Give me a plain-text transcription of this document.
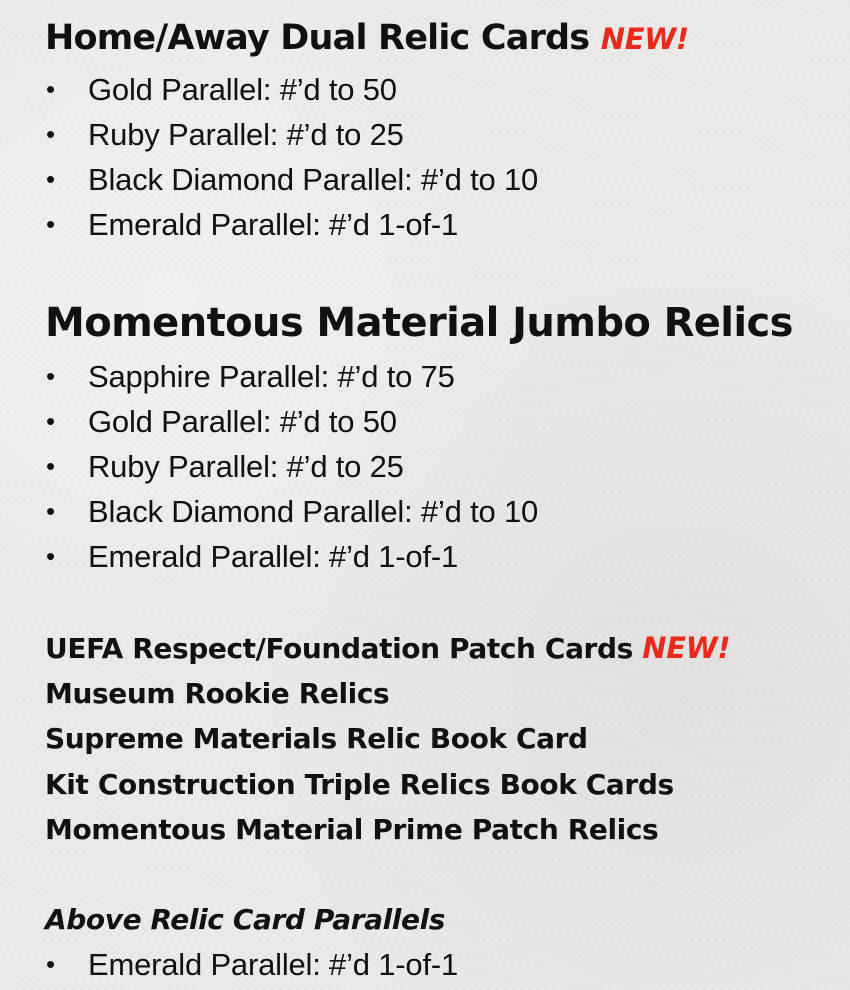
Home/Away Dual Relic Cards NEW!
• Gold Parallel: #’d to 50
• Ruby Parallel: #’d to 25
• Black Diamond Parallel: #’d to 10
• Emerald Parallel: #’d 1-of-1
Momentous Material Jumbo Relics
• Sapphire Parallel: #’d to 75
• Gold Parallel: #’d to 50
• Ruby Parallel: #’d to 25
• Black Diamond Parallel: #’d to 10
• Emerald Parallel: #’d 1-of-1
UEFA Respect/Foundation Patch Cards NEW!
Museum Rookie Relics
Supreme Materials Relic Book Card
Kit Construction Triple Relics Book Cards
Momentous Material Prime Patch Relics
Above Relic Card Parallels
• Emerald Parallel: #’d 1-of-1
